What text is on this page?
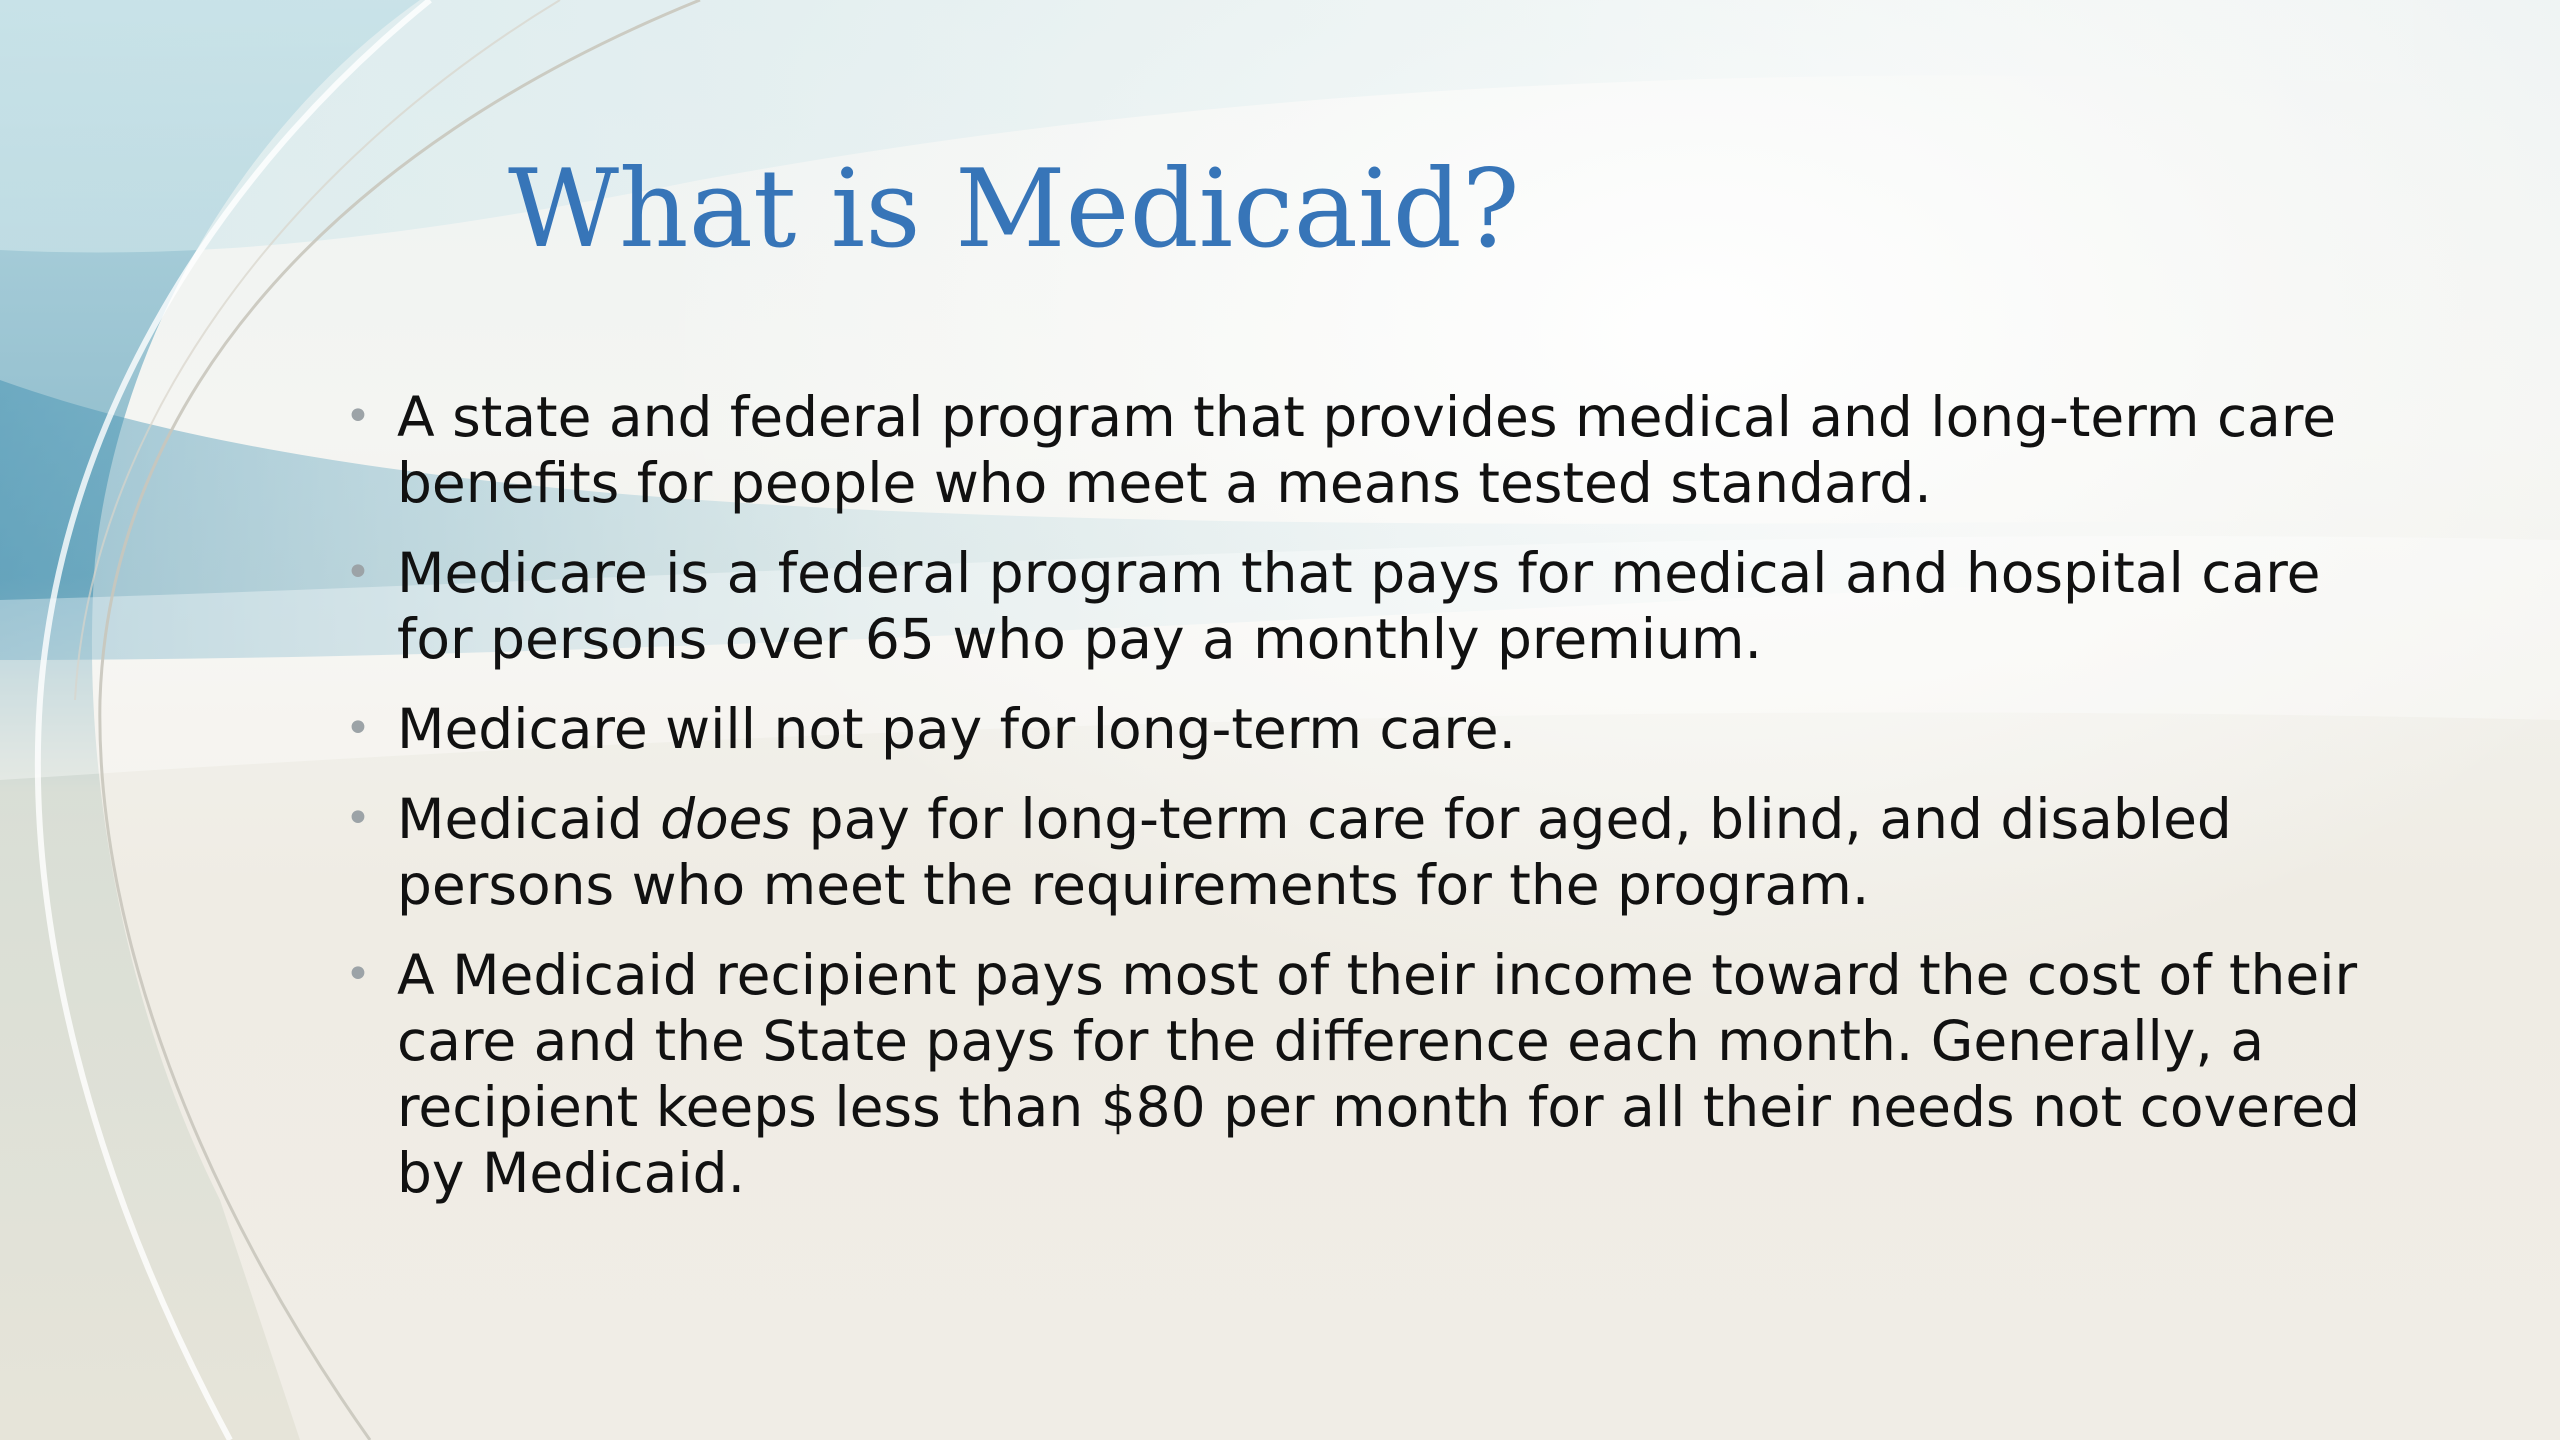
What is Medicaid?
• A state and federal program that provides medical and long-term care benefits for people who meet a means tested standard.
• Medicare is a federal program that pays for medical and hospital care for persons over 65 who pay a monthly premium.
• Medicare will not pay for long-term care.
• Medicaid does pay for long-term care for aged, blind, and disabled persons who meet the requirements for the program.
• A Medicaid recipient pays most of their income toward the cost of their care and the State pays for the difference each month. Generally, a recipient keeps less than $80 per month for all their needs not covered by Medicaid.
